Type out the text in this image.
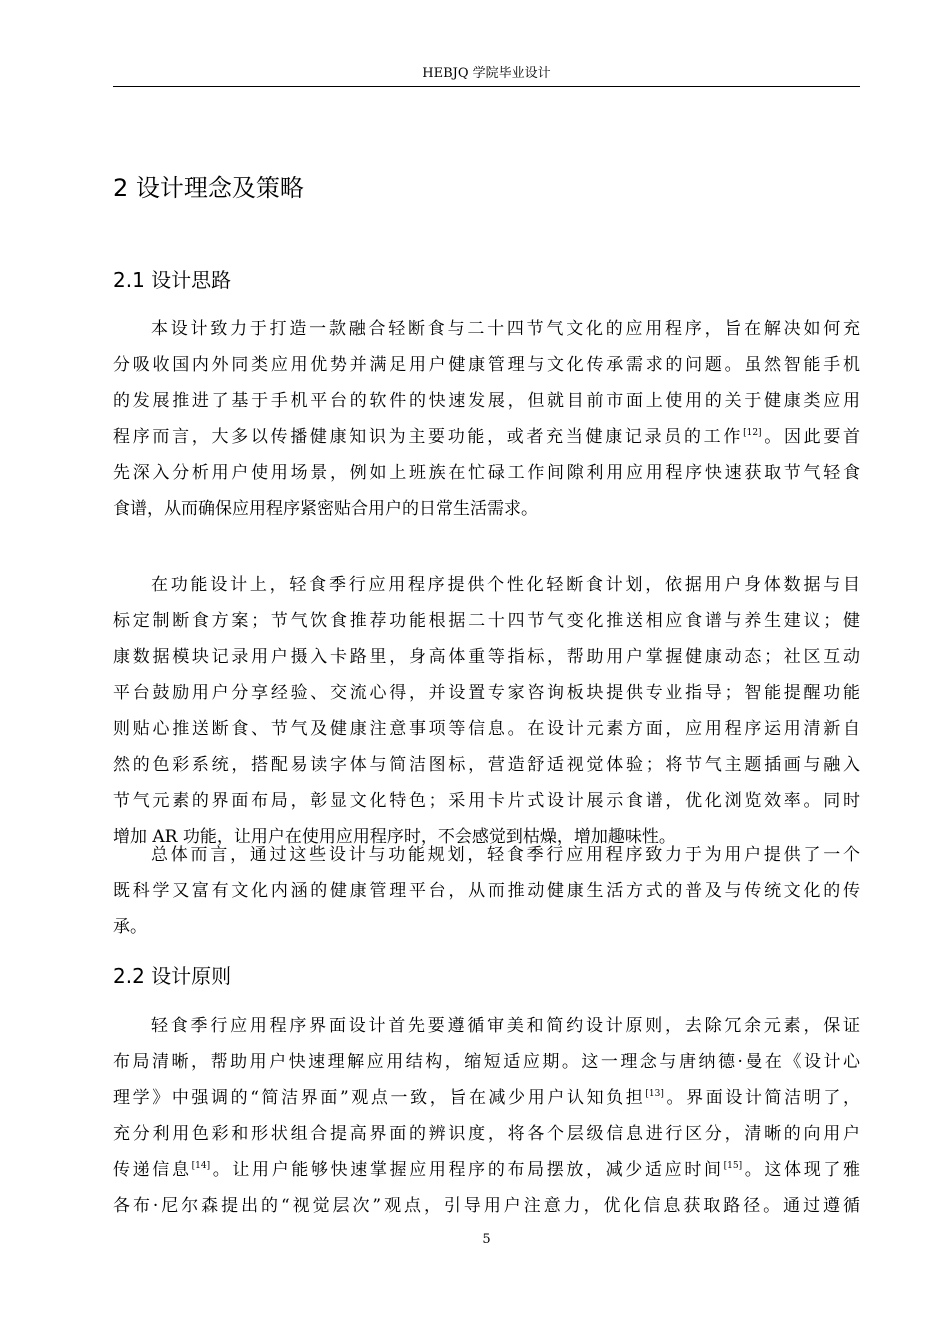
HEBJQ 学院毕业设计
2 设计理念及策略
2.1 设计思路
本设计致力于打造一款融合轻断食与二十四节气文化的应用程序，旨在解决如何充
分吸收国内外同类应用优势并满足用户健康管理与文化传承需求的问题。虽然智能手机
的发展推进了基于手机平台的软件的快速发展，但就目前市面上使用的关于健康类应用
程序而言，大多以传播健康知识为主要功能，或者充当健康记录员的工作[12]。因此要首
先深入分析用户使用场景，例如上班族在忙碌工作间隙利用应用程序快速获取节气轻食
食谱，从而确保应用程序紧密贴合用户的日常生活需求。
在功能设计上，轻食季行应用程序提供个性化轻断食计划，依据用户身体数据与目
标定制断食方案；节气饮食推荐功能根据二十四节气变化推送相应食谱与养生建议；健
康数据模块记录用户摄入卡路里，身高体重等指标，帮助用户掌握健康动态；社区互动
平台鼓励用户分享经验、交流心得，并设置专家咨询板块提供专业指导；智能提醒功能
则贴心推送断食、节气及健康注意事项等信息。在设计元素方面，应用程序运用清新自
然的色彩系统，搭配易读字体与简洁图标，营造舒适视觉体验；将节气主题插画与融入
节气元素的界面布局，彰显文化特色；采用卡片式设计展示食谱，优化浏览效率。同时
增加 AR 功能，让用户在使用应用程序时，不会感觉到枯燥，增加趣味性。
总体而言，通过这些设计与功能规划，轻食季行应用程序致力于为用户提供了一个
既科学又富有文化内涵的健康管理平台，从而推动健康生活方式的普及与传统文化的传
承。
2.2 设计原则
轻食季行应用程序界面设计首先要遵循审美和简约设计原则，去除冗余元素，保证
布局清晰，帮助用户快速理解应用结构，缩短适应期。这一理念与唐纳德·曼在《设计心
理学》中强调的“简洁界面”观点一致，旨在减少用户认知负担[13]。界面设计简洁明了，
充分利用色彩和形状组合提高界面的辨识度，将各个层级信息进行区分，清晰的向用户
传递信息[14]。让用户能够快速掌握应用程序的布局摆放，减少适应时间[15]。这体现了雅
各布·尼尔森提出的“视觉层次”观点，引导用户注意力，优化信息获取路径。通过遵循
5
